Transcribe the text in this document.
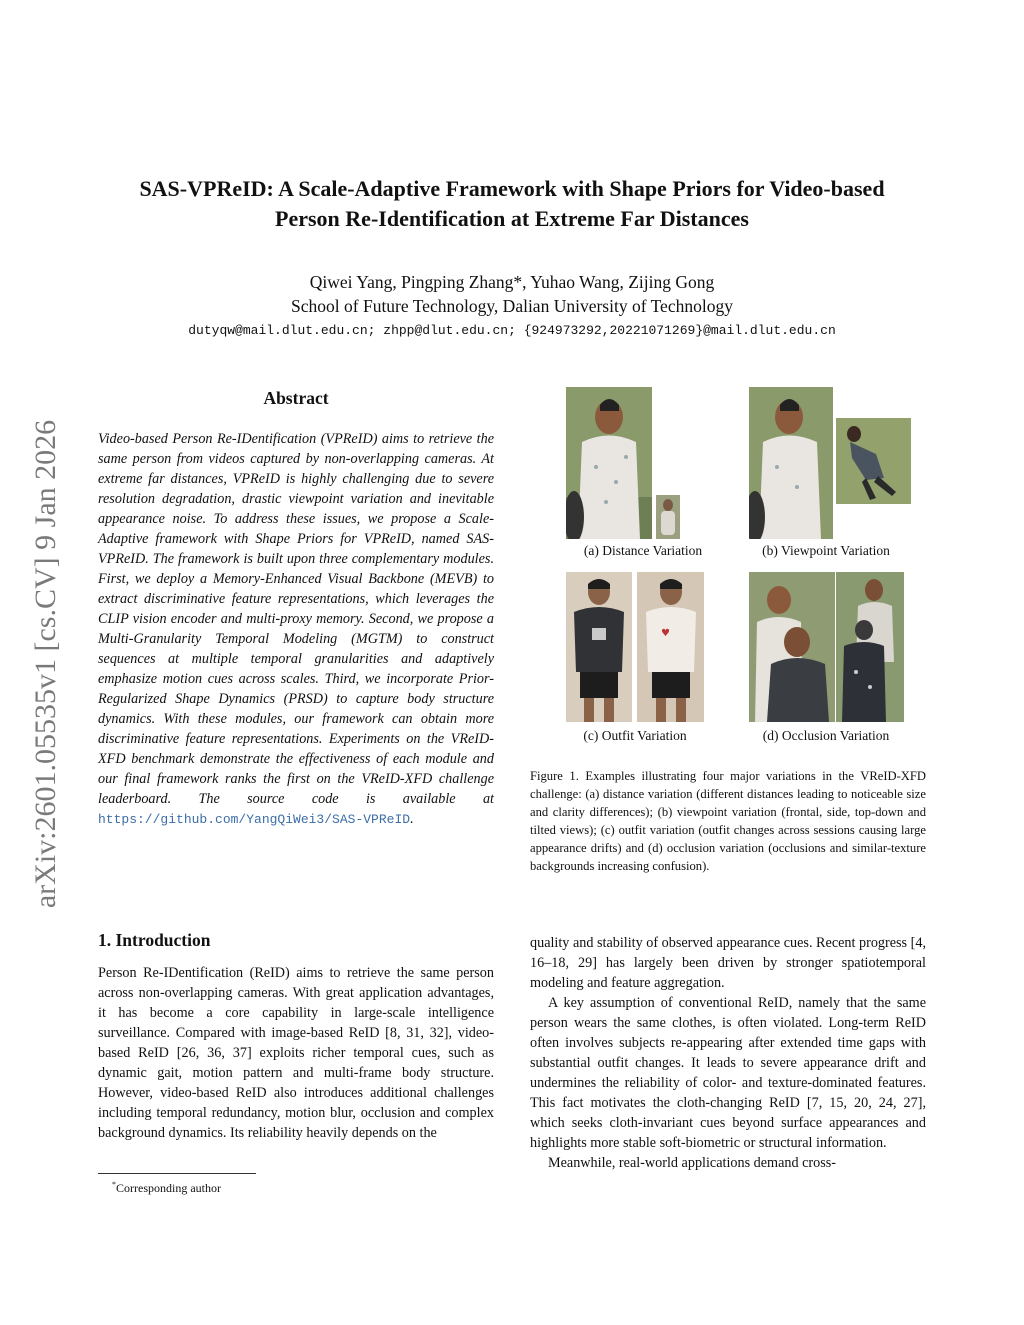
SAS-VPReID: A Scale-Adaptive Framework with Shape Priors for Video-based
Person Re-Identification at Extreme Far Distances
Qiwei Yang, Pingping Zhang*, Yuhao Wang, Zijing Gong
School of Future Technology, Dalian University of Technology
dutyqw@mail.dlut.edu.cn; zhpp@dlut.edu.cn; {924973292,20221071269}@mail.dlut.edu.cn
arXiv:2601.05535v1 [cs.CV] 9 Jan 2026
Abstract
Video-based Person Re-IDentification (VPReID) aims to retrieve the same person from videos captured by non-overlapping cameras. At extreme far distances, VPReID is highly challenging due to severe resolution degradation, drastic viewpoint variation and inevitable appearance noise. To address these issues, we propose a Scale-Adaptive framework with Shape Priors for VPReID, named SAS-VPReID. The framework is built upon three complementary modules. First, we deploy a Memory-Enhanced Visual Backbone (MEVB) to extract discriminative feature representations, which leverages the CLIP vision encoder and multi-proxy memory. Second, we propose a Multi-Granularity Temporal Modeling (MGTM) to construct sequences at multiple temporal granularities and adaptively emphasize motion cues across scales. Third, we incorporate Prior-Regularized Shape Dynamics (PRSD) to capture body structure dynamics. With these modules, our framework can obtain more discriminative feature representations. Experiments on the VReID-XFD benchmark demonstrate the effectiveness of each module and our final framework ranks the first on the VReID-XFD challenge leaderboard. The source code is available at https://github.com/YangQiWei3/SAS-VPReID.
1. Introduction
Person Re-IDentification (ReID) aims to retrieve the same person across non-overlapping cameras. With great application advantages, it has become a core capability in large-scale intelligence surveillance. Compared with image-based ReID [8, 31, 32], video-based ReID [26, 36, 37] exploits richer temporal cues, such as dynamic gait, motion pattern and multi-frame body structure. However, video-based ReID also introduces additional challenges including temporal redundancy, motion blur, occlusion and complex background dynamics. Its reliability heavily depends on the
*Corresponding author
(a) Distance Variation	(b) Viewpoint Variation
♥
(c) Outfit Variation	(d) Occlusion Variation
Figure 1. Examples illustrating four major variations in the VReID-XFD challenge: (a) distance variation (different distances leading to noticeable size and clarity differences); (b) viewpoint variation (frontal, side, top-down and tilted views); (c) outfit variation (outfit changes across sessions causing large appearance drifts) and (d) occlusion variation (occlusions and similar-texture backgrounds increasing confusion).

quality and stability of observed appearance cues. Recent progress [4, 16–18, 29] has largely been driven by stronger spatiotemporal modeling and feature aggregation.

A key assumption of conventional ReID, namely that the same person wears the same clothes, is often violated. Long-term ReID often involves subjects re-appearing after extended time gaps with substantial outfit changes. It leads to severe appearance drift and undermines the reliability of color- and texture-dominated features. This fact motivates the cloth-changing ReID [7, 15, 20, 24, 27], which seeks cloth-invariant cues beyond surface appearances and highlights more stable soft-biometric or structural information.

Meanwhile, real-world applications demand cross-
